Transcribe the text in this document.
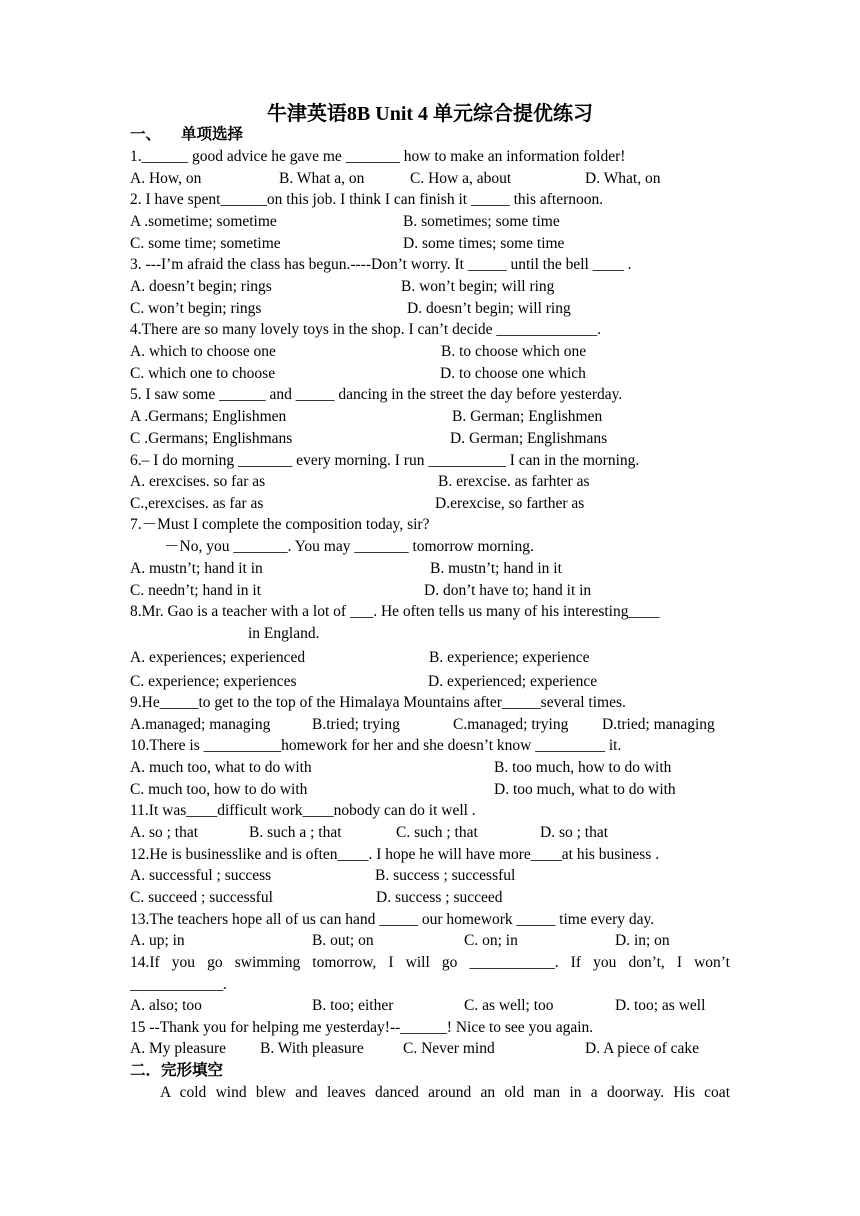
牛津英语8B Unit 4 单元综合提优练习
一、 单项选择
1.______ good advice he gave me _______ how to make an information folder!
A. How, on	B. What a, on	C. How a, about	D. What, on
2. I have spent______on this job. I think I can finish it _____ this afternoon.
A .sometime; sometime	B. sometimes; some time
C. some time; sometime	D. some times; some time
3. ---I’m afraid the class has begun.----Don’t worry. It _____ until the bell ____ .
A. doesn’t begin; rings	B. won’t begin; will ring
C. won’t begin; rings	D. doesn’t begin; will ring
4.There are so many lovely toys in the shop. I can’t decide _____________.
A. which to choose one	B. to choose which one
C. which one to choose	D. to choose one which
5. I saw some ______ and _____ dancing in the street the day before yesterday.
A .Germans; Englishmen	B. German; Englishmen
C .Germans; Englishmans	D. German; Englishmans
6.– I do morning _______ every morning. I run __________ I can in the morning.
A. erexcises. so far as	B. erexcise. as farhter as
C.,erexcises. as far as	D.erexcise, so farther as
7.－Must I complete the composition today, sir?
－No, you _______. You may _______ tomorrow morning.
A. mustn’t; hand it in	B. mustn’t; hand in it
C. needn’t; hand in it	D. don’t have to; hand it in
8.Mr. Gao is a teacher with a lot of ___. He often tells us many of his interesting____
in England.
A. experiences; experienced	B. experience; experience
C. experience; experiences	D. experienced; experience
9.He_____to get to the top of the Himalaya Mountains after_____several times.
A.managed; managing	B.tried; trying	C.managed; trying D.tried; managing
10.There is __________homework for her and she doesn’t know _________ it.
A. much too, what to do with	B. too much, how to do with
C. much too, how to do with	D. too much, what to do with
11.It was____difficult work____nobody can do it well .
A. so ; that	B. such a ; that	C. such ; that	D. so ; that
12.He is businesslike and is often____. I hope he will have more____at his business .
A. successful ; success	B. success ; successful
C. succeed ; successful	D. success ; succeed
13.The teachers hope all of us can hand _____ our homework _____ time every day.
A. up; in	B. out; on	C. on; in	D. in; on
14.If you go swimming tomorrow, I will go ___________. If you don’t, I won’t
____________.
A. also; too	B. too; either	C. as well; too	D. too; as well
15 --Thank you for helping me yesterday!--______! Nice to see you again.
A. My pleasure B. With pleasure	C. Never mind	D. A piece of cake
二．完形填空
A cold wind blew and leaves danced around an old man in a doorway. His coat
